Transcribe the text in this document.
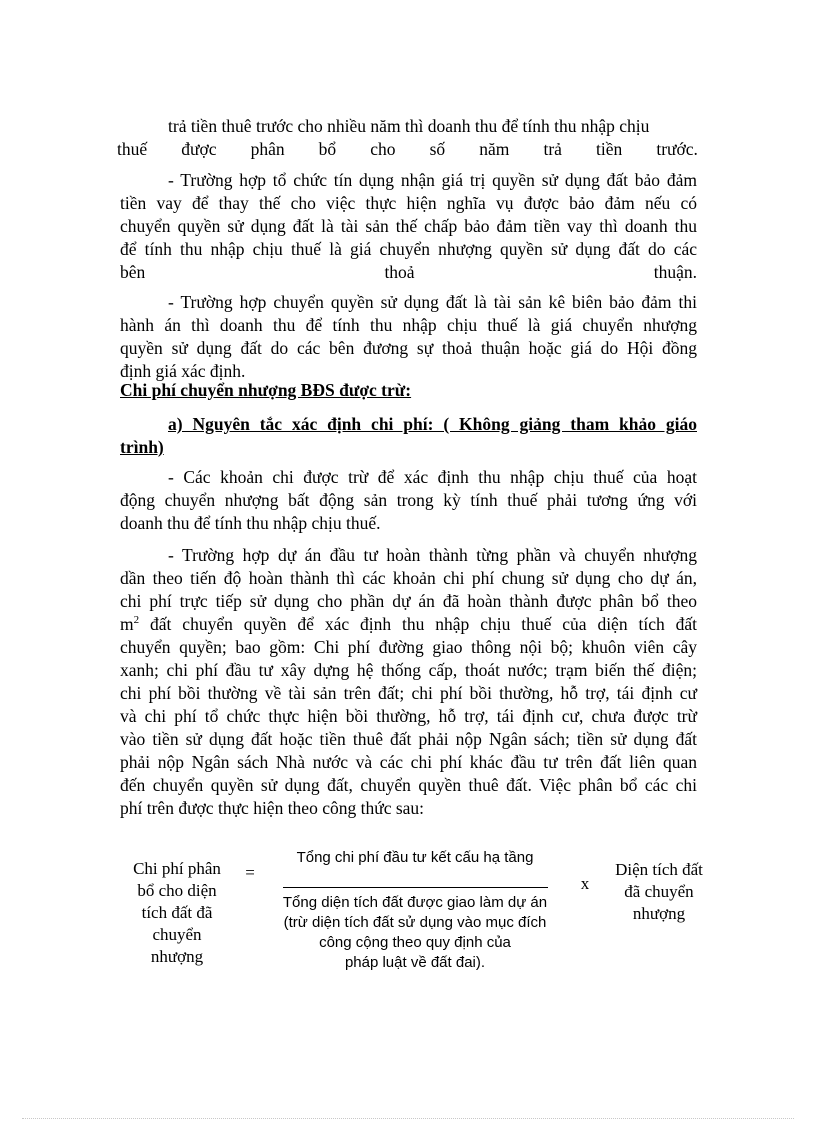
trả tiền thuê trước cho nhiều năm thì doanh thu để tính thu nhập chịu
thuế được phân bổ cho số năm trả tiền trước.
- Trường hợp tổ chức tín dụng nhận giá trị quyền sử dụng đất bảo đảm
tiền vay để thay thế cho việc thực hiện nghĩa vụ được bảo đảm nếu có
chuyển quyền sử dụng đất là tài sản thế chấp bảo đảm tiền vay thì doanh thu
để tính thu nhập chịu thuế là giá chuyển nhượng quyền sử dụng đất do các
bên	thoả	thuận.
- Trường hợp chuyển quyền sử dụng đất là tài sản kê biên bảo đảm thi
hành án thì doanh thu để tính thu nhập chịu thuế là giá chuyển nhượng
quyền sử dụng đất do các bên đương sự thoả thuận hoặc giá do Hội đồng
định giá xác định.
Chi phí chuyển nhượng BĐS được trừ:
a) Nguyên tắc xác định chi phí: ( Không giảng tham khảo giáo
trình)
- Các khoản chi được trừ để xác định thu nhập chịu thuế của hoạt
động chuyển nhượng bất động sản trong kỳ tính thuế phải tương ứng với
doanh thu để tính thu nhập chịu thuế.
- Trường hợp dự án đầu tư hoàn thành từng phần và chuyển nhượng
dần theo tiến độ hoàn thành thì các khoản chi phí chung sử dụng cho dự án,
chi phí trực tiếp sử dụng cho phần dự án đã hoàn thành được phân bổ theo
$m^2$ đất chuyển quyền để xác định thu nhập chịu thuế của diện tích đất
chuyển quyền; bao gồm: Chi phí đường giao thông nội bộ; khuôn viên cây
xanh; chi phí đầu tư xây dựng hệ thống cấp, thoát nước; trạm biến thế điện;
chi phí bồi thường về tài sản trên đất; chi phí bồi thường, hỗ trợ, tái định cư
và chi phí tổ chức thực hiện bồi thường, hỗ trợ, tái định cư, chưa được trừ
vào tiền sử dụng đất hoặc tiền thuê đất phải nộp Ngân sách; tiền sử dụng đất
phải nộp Ngân sách Nhà nước và các chi phí khác đầu tư trên đất liên quan
đến chuyển quyền sử dụng đất, chuyển quyền thuê đất. Việc phân bổ các chi
phí trên được thực hiện theo công thức sau:
Chi phí phân
bổ cho diện
tích đất đã
chuyển
nhượng
=
Tổng chi phí đầu tư kết cấu hạ tầng
Tổng diện tích đất được giao làm dự án
(trừ diện tích đất sử dụng vào mục đích
công cộng theo quy định của
pháp luật về đất đai).
x
Diện tích đất
đã chuyển
nhượng
